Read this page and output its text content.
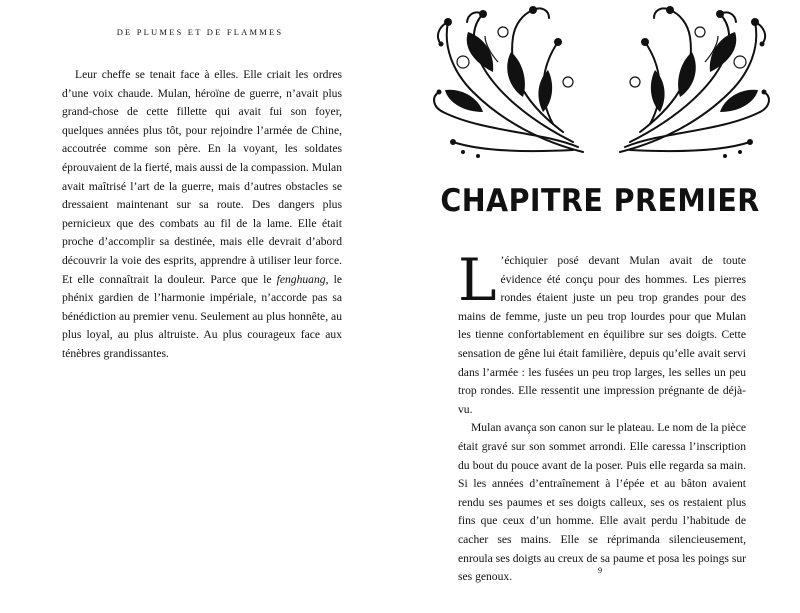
DE PLUMES ET DE FLAMMES

Leur cheffe se tenait face à elles. Elle criait les ordres d’une voix chaude. Mulan, héroïne de guerre, n’avait plus grand-chose de cette fillette qui avait fui son foyer, quelques années plus tôt, pour rejoindre l’armée de Chine, accoutrée comme son père. En la voyant, les soldates éprouvaient de la fierté, mais aussi de la compassion. Mulan avait maîtrisé l’art de la guerre, mais d’autres obstacles se dressaient maintenant sur sa route. Des dangers plus pernicieux que des combats au fil de la lame. Elle était proche d’accomplir sa destinée, mais elle devrait d’abord découvrir la voie des esprits, apprendre à utiliser leur force. Et elle connaîtrait la douleur. Parce que le fenghuang, le phénix gardien de l’harmonie impériale, n’accorde pas sa bénédiction au premier venu. Seulement au plus honnête, au plus loyal, au plus altruiste. Au plus courageux face aux ténèbres grandissantes.

CHAPITRE PREMIER

L ’échiquier posé devant Mulan avait de toute évidence été conçu pour des hommes. Les pierres rondes étaient juste un peu trop grandes pour des mains de femme, juste un peu trop lourdes pour que Mulan les tienne confortablement en équilibre sur ses doigts. Cette sensation de gêne lui était familière, depuis qu’elle avait servi dans l’armée : les fusées un peu trop larges, les selles un peu trop rondes. Elle ressentit une impression prégnante de déjà-vu.

Mulan avança son canon sur le plateau. Le nom de la pièce était gravé sur son sommet arrondi. Elle caressa l’inscription du bout du pouce avant de la poser. Puis elle regarda sa main. Si les années d’entraînement à l’épée et au bâton avaient rendu ses paumes et ses doigts calleux, ses os restaient plus fins que ceux d’un homme. Elle avait perdu l’habitude de cacher ses mains. Elle se réprimanda silencieusement, enroula ses doigts au creux de sa paume et posa les poings sur ses genoux.

9
